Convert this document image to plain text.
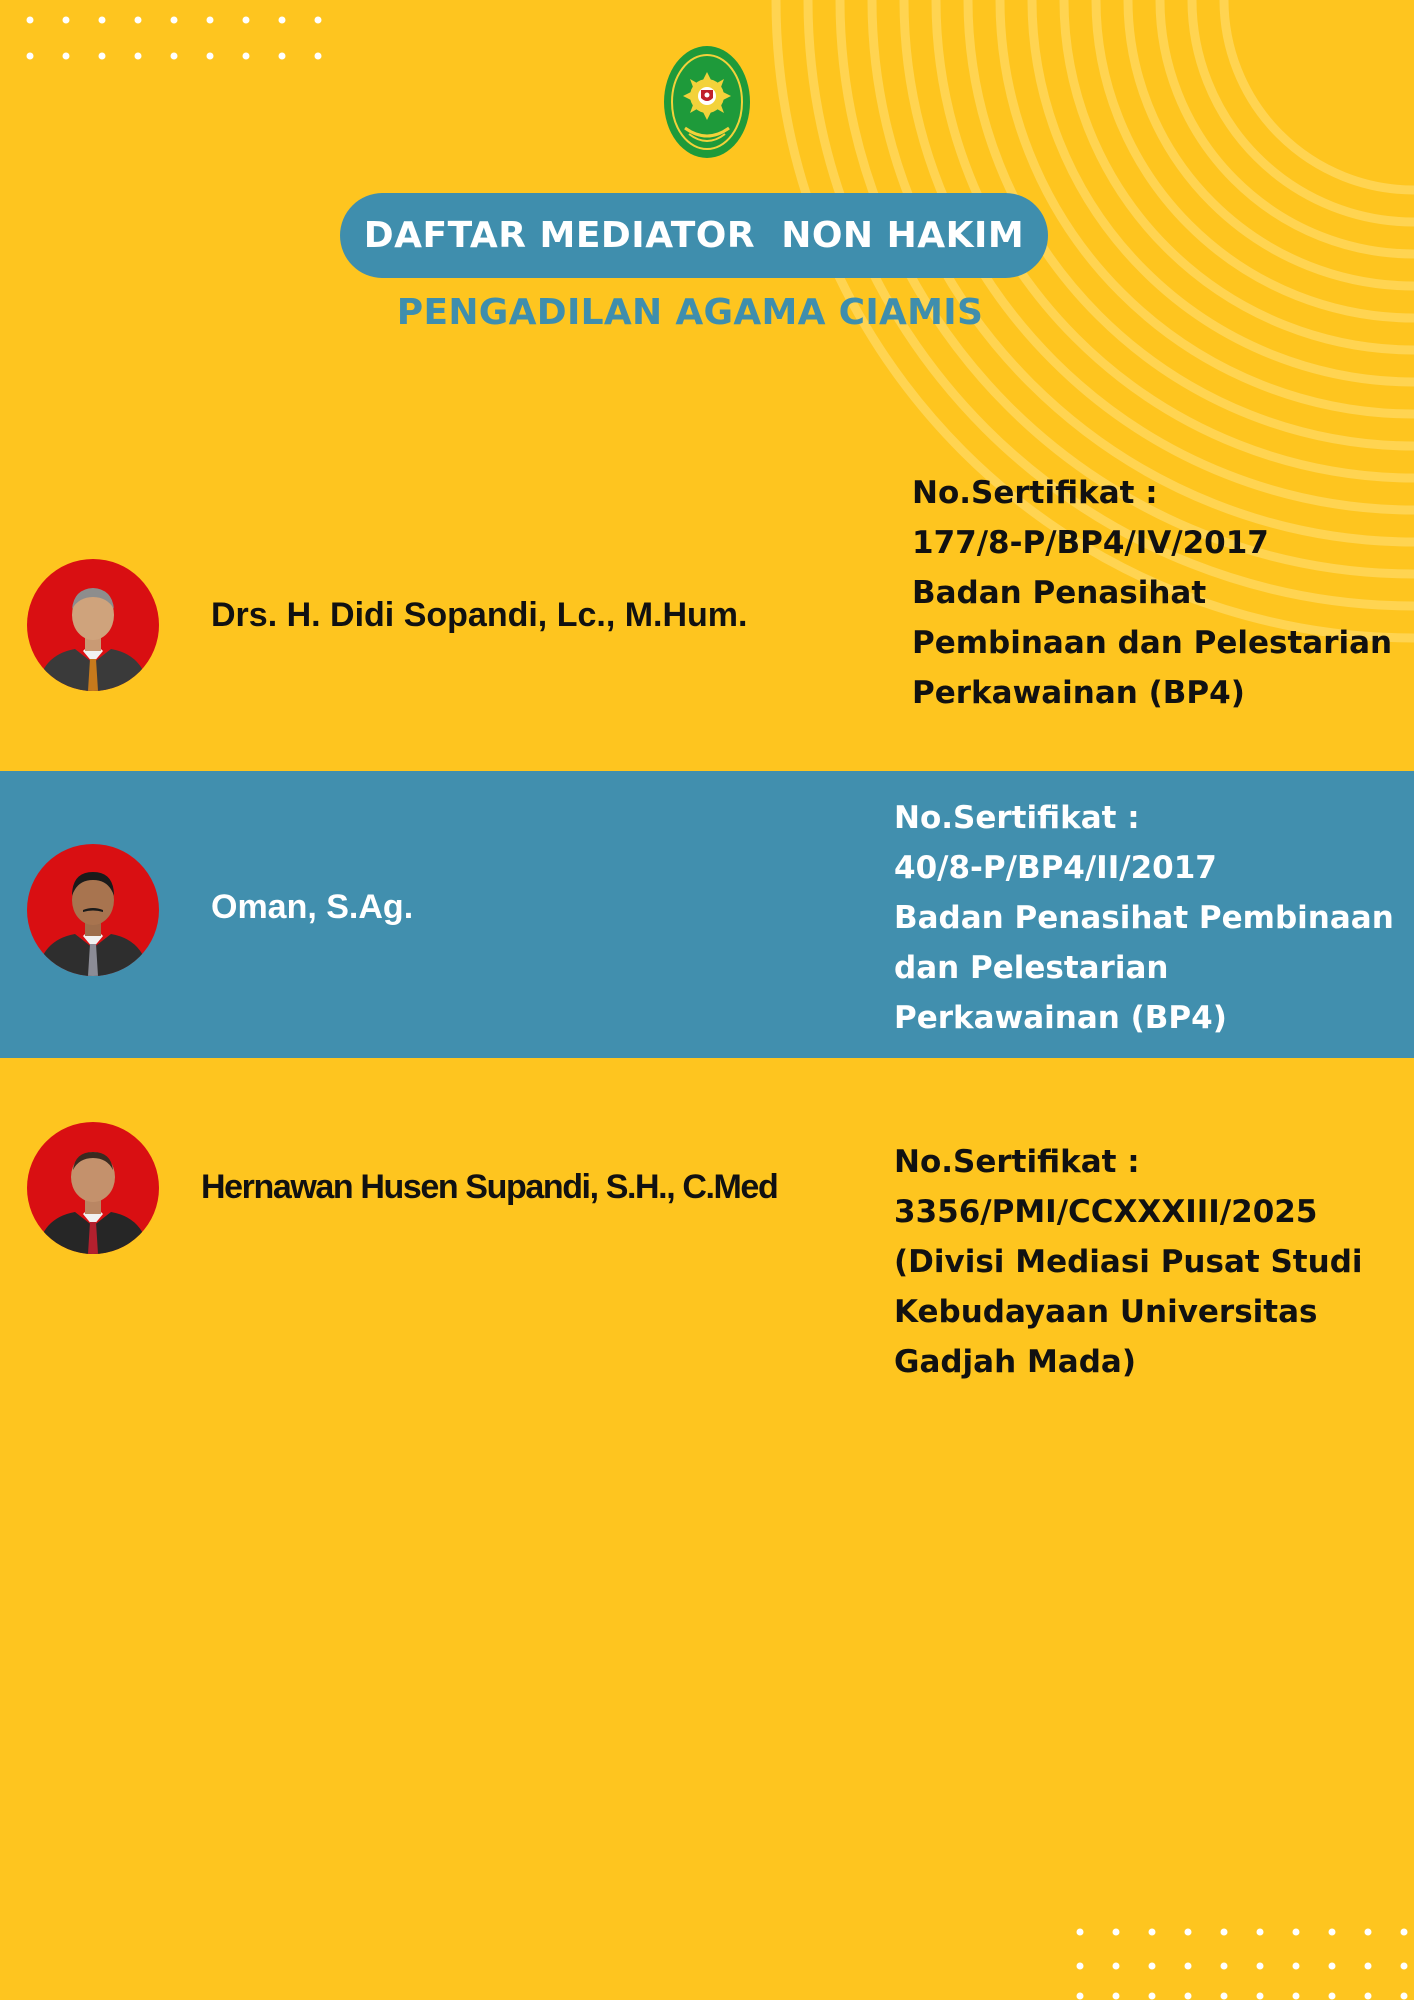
DAFTAR MEDIATOR  NON HAKIM
PENGADILAN AGAMA CIAMIS
Drs. H. Didi Sopandi, Lc., M.Hum.
No.Sertifikat :
177/8-P/BP4/IV/2017
Badan Penasihat
Pembinaan dan Pelestarian
Perkawainan (BP4)
Oman, S.Ag.
No.Sertifikat :
40/8-P/BP4/II/2017
Badan Penasihat Pembinaan
dan Pelestarian
Perkawainan (BP4)
Hernawan Husen Supandi, S.H., C.Med
No.Sertifikat :
3356/PMI/CCXXXIII/2025
(Divisi Mediasi Pusat Studi
Kebudayaan Universitas
Gadjah Mada)
